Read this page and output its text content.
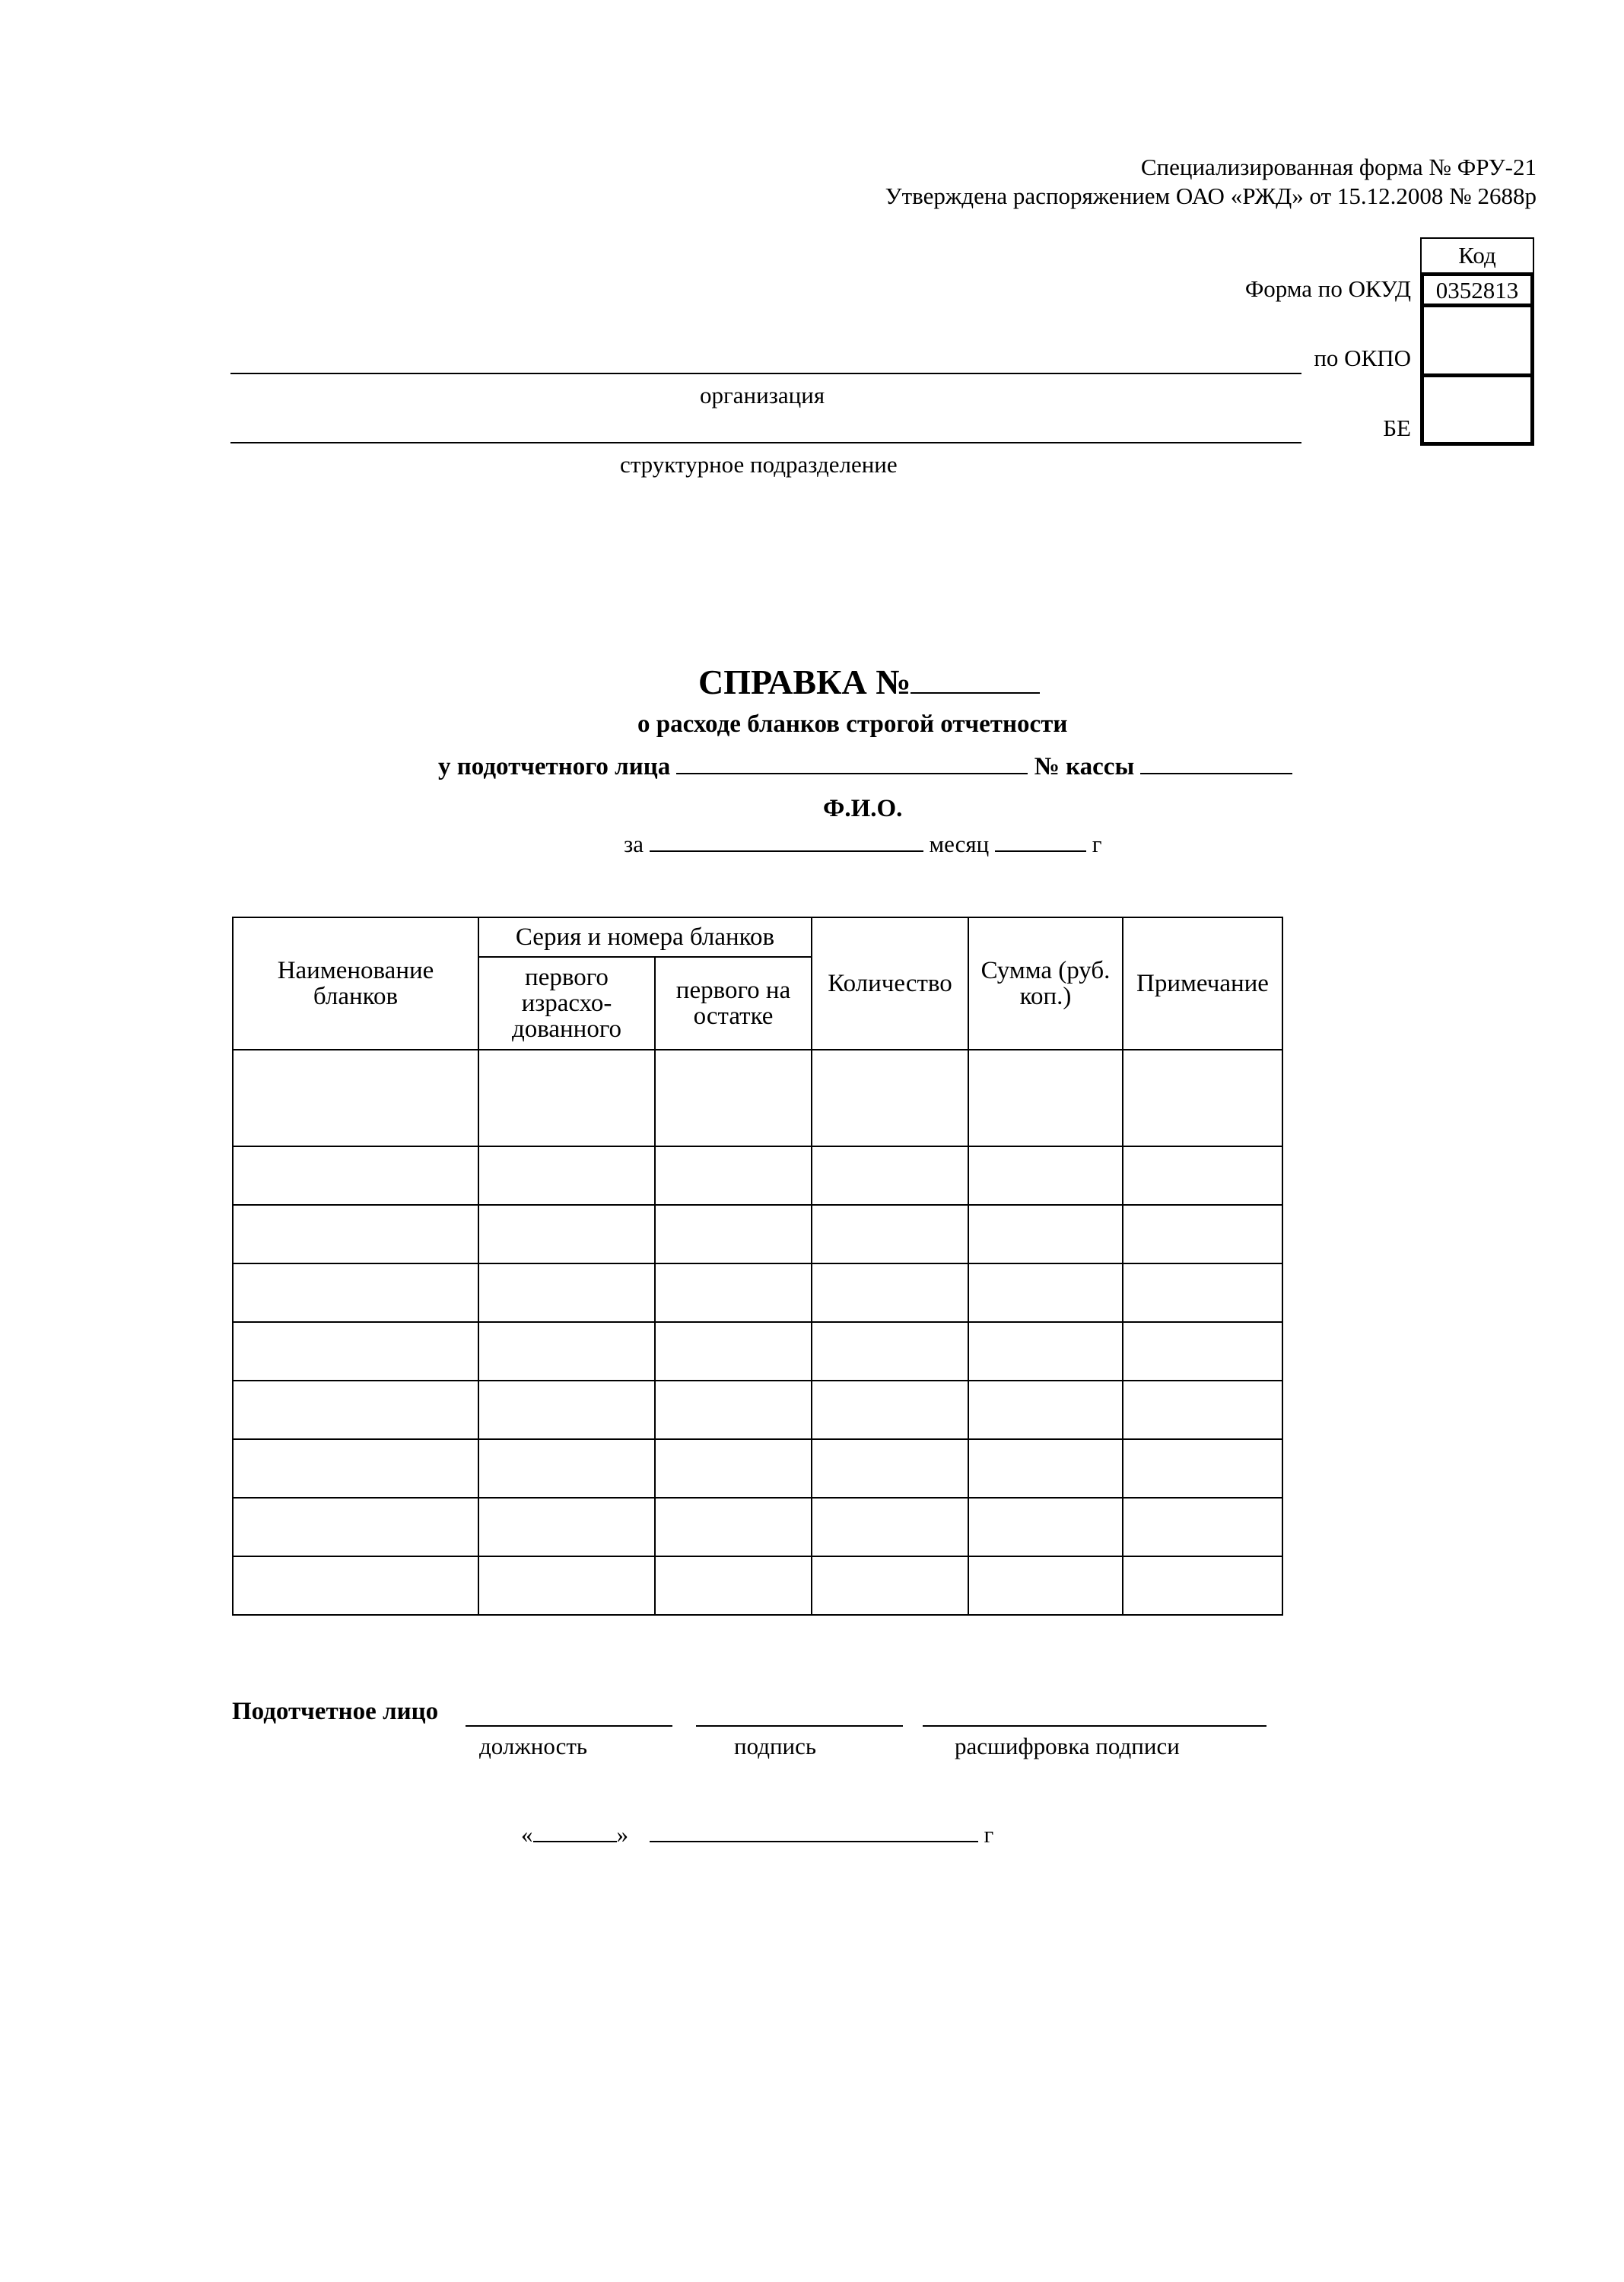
Специализированная форма № ФРУ-21
Утверждена распоряжением ОАО «РЖД» от 15.12.2008 № 2688р
Код
0352813
Форма по ОКУД
по ОКПО
БЕ
организация
структурное подразделение
СПРАВКА №
о расходе бланков строгой отчетности
у подотчетного лица	№ кассы
Ф.И.О.
за	месяц	г
Наименование бланков	Серия и номера бланков		Количество	Сумма (руб. коп.)	Примечание
	первого израсхо-дованного	первого на остатке			

Подотчетное лицо
должность	подпись	расшифровка подписи
«	»	г
